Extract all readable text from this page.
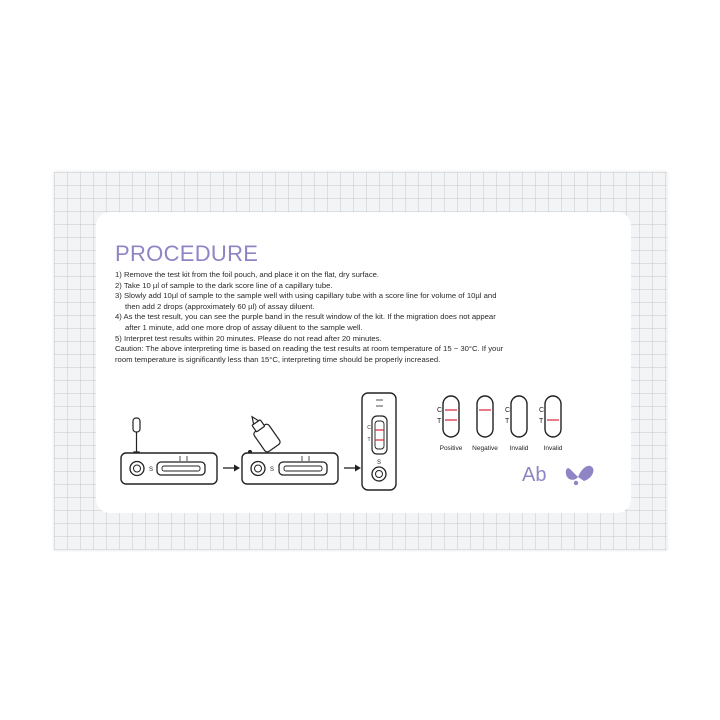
PROCEDURE
1) Remove the test kit from the foil pouch, and place it on the flat, dry surface.
2) Take 10 µl of sample to the dark score line of a capillary tube.
3) Slowly add 10µl of sample to the sample well with using capillary tube with a score line for volume of 10µl and
then add 2 drops (approximately 60 µl) of assay diluent.
4) As the test result, you can see the purple band in the result window of the kit. If the migration does not appear
after 1 minute, add one more drop of assay diluent to the sample well.
5) Interpret test results within 20 minutes. Please do not read after 20 minutes.
Caution: The above interpreting time is based on reading the test results at room temperature of 15 ~ 30°C. If your
room temperature is significantly less than 15°C, interpreting time should be properly increased.
S	S
S
C
T
C
T
C
T
C
T
Positive Negative Invalid Invalid
Ab
